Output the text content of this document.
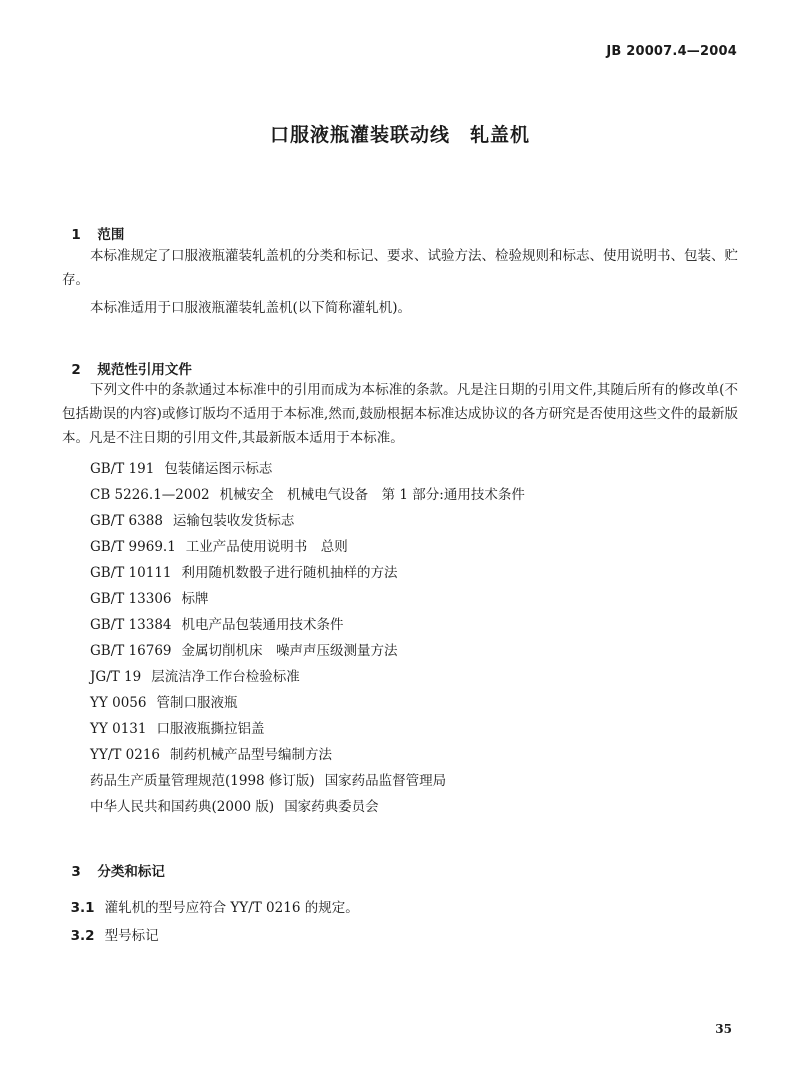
JB 20007.4—2004
口服液瓶灌装联动线　轧盖机

1 范围

本标准规定了口服液瓶灌装轧盖机的分类和标记、要求、试验方法、检验规则和标志、使用说明书、包装、贮存。
本标准适用于口服液瓶灌装轧盖机(以下简称灌轧机)。

2 规范性引用文件

下列文件中的条款通过本标准中的引用而成为本标准的条款。凡是注日期的引用文件,其随后所有的修改单(不包括勘误的内容)或修订版均不适用于本标准,然而,鼓励根据本标准达成协议的各方研究是否使用这些文件的最新版本。凡是不注日期的引用文件,其最新版本适用于本标准。
GB/T 191 包装储运图示标志
CB 5226.1—2002 机械安全　机械电气设备　第 1 部分:通用技术条件
GB/T 6388 运输包装收发货标志
GB/T 9969.1 工业产品使用说明书　总则
GB/T 10111 利用随机数骰子进行随机抽样的方法
GB/T 13306 标牌
GB/T 13384 机电产品包装通用技术条件
GB/T 16769 金属切削机床　噪声声压级测量方法
JG/T 19 层流洁净工作台检验标准
YY 0056 管制口服液瓶
YY 0131 口服液瓶撕拉铝盖
YY/T 0216 制药机械产品型号编制方法
药品生产质量管理规范(1998 修订版) 国家药品监督管理局
中华人民共和国药典(2000 版) 国家药典委员会

3 分类和标记

3.1 灌轧机的型号应符合 YY/T 0216 的规定。

3.2 型号标记

35
